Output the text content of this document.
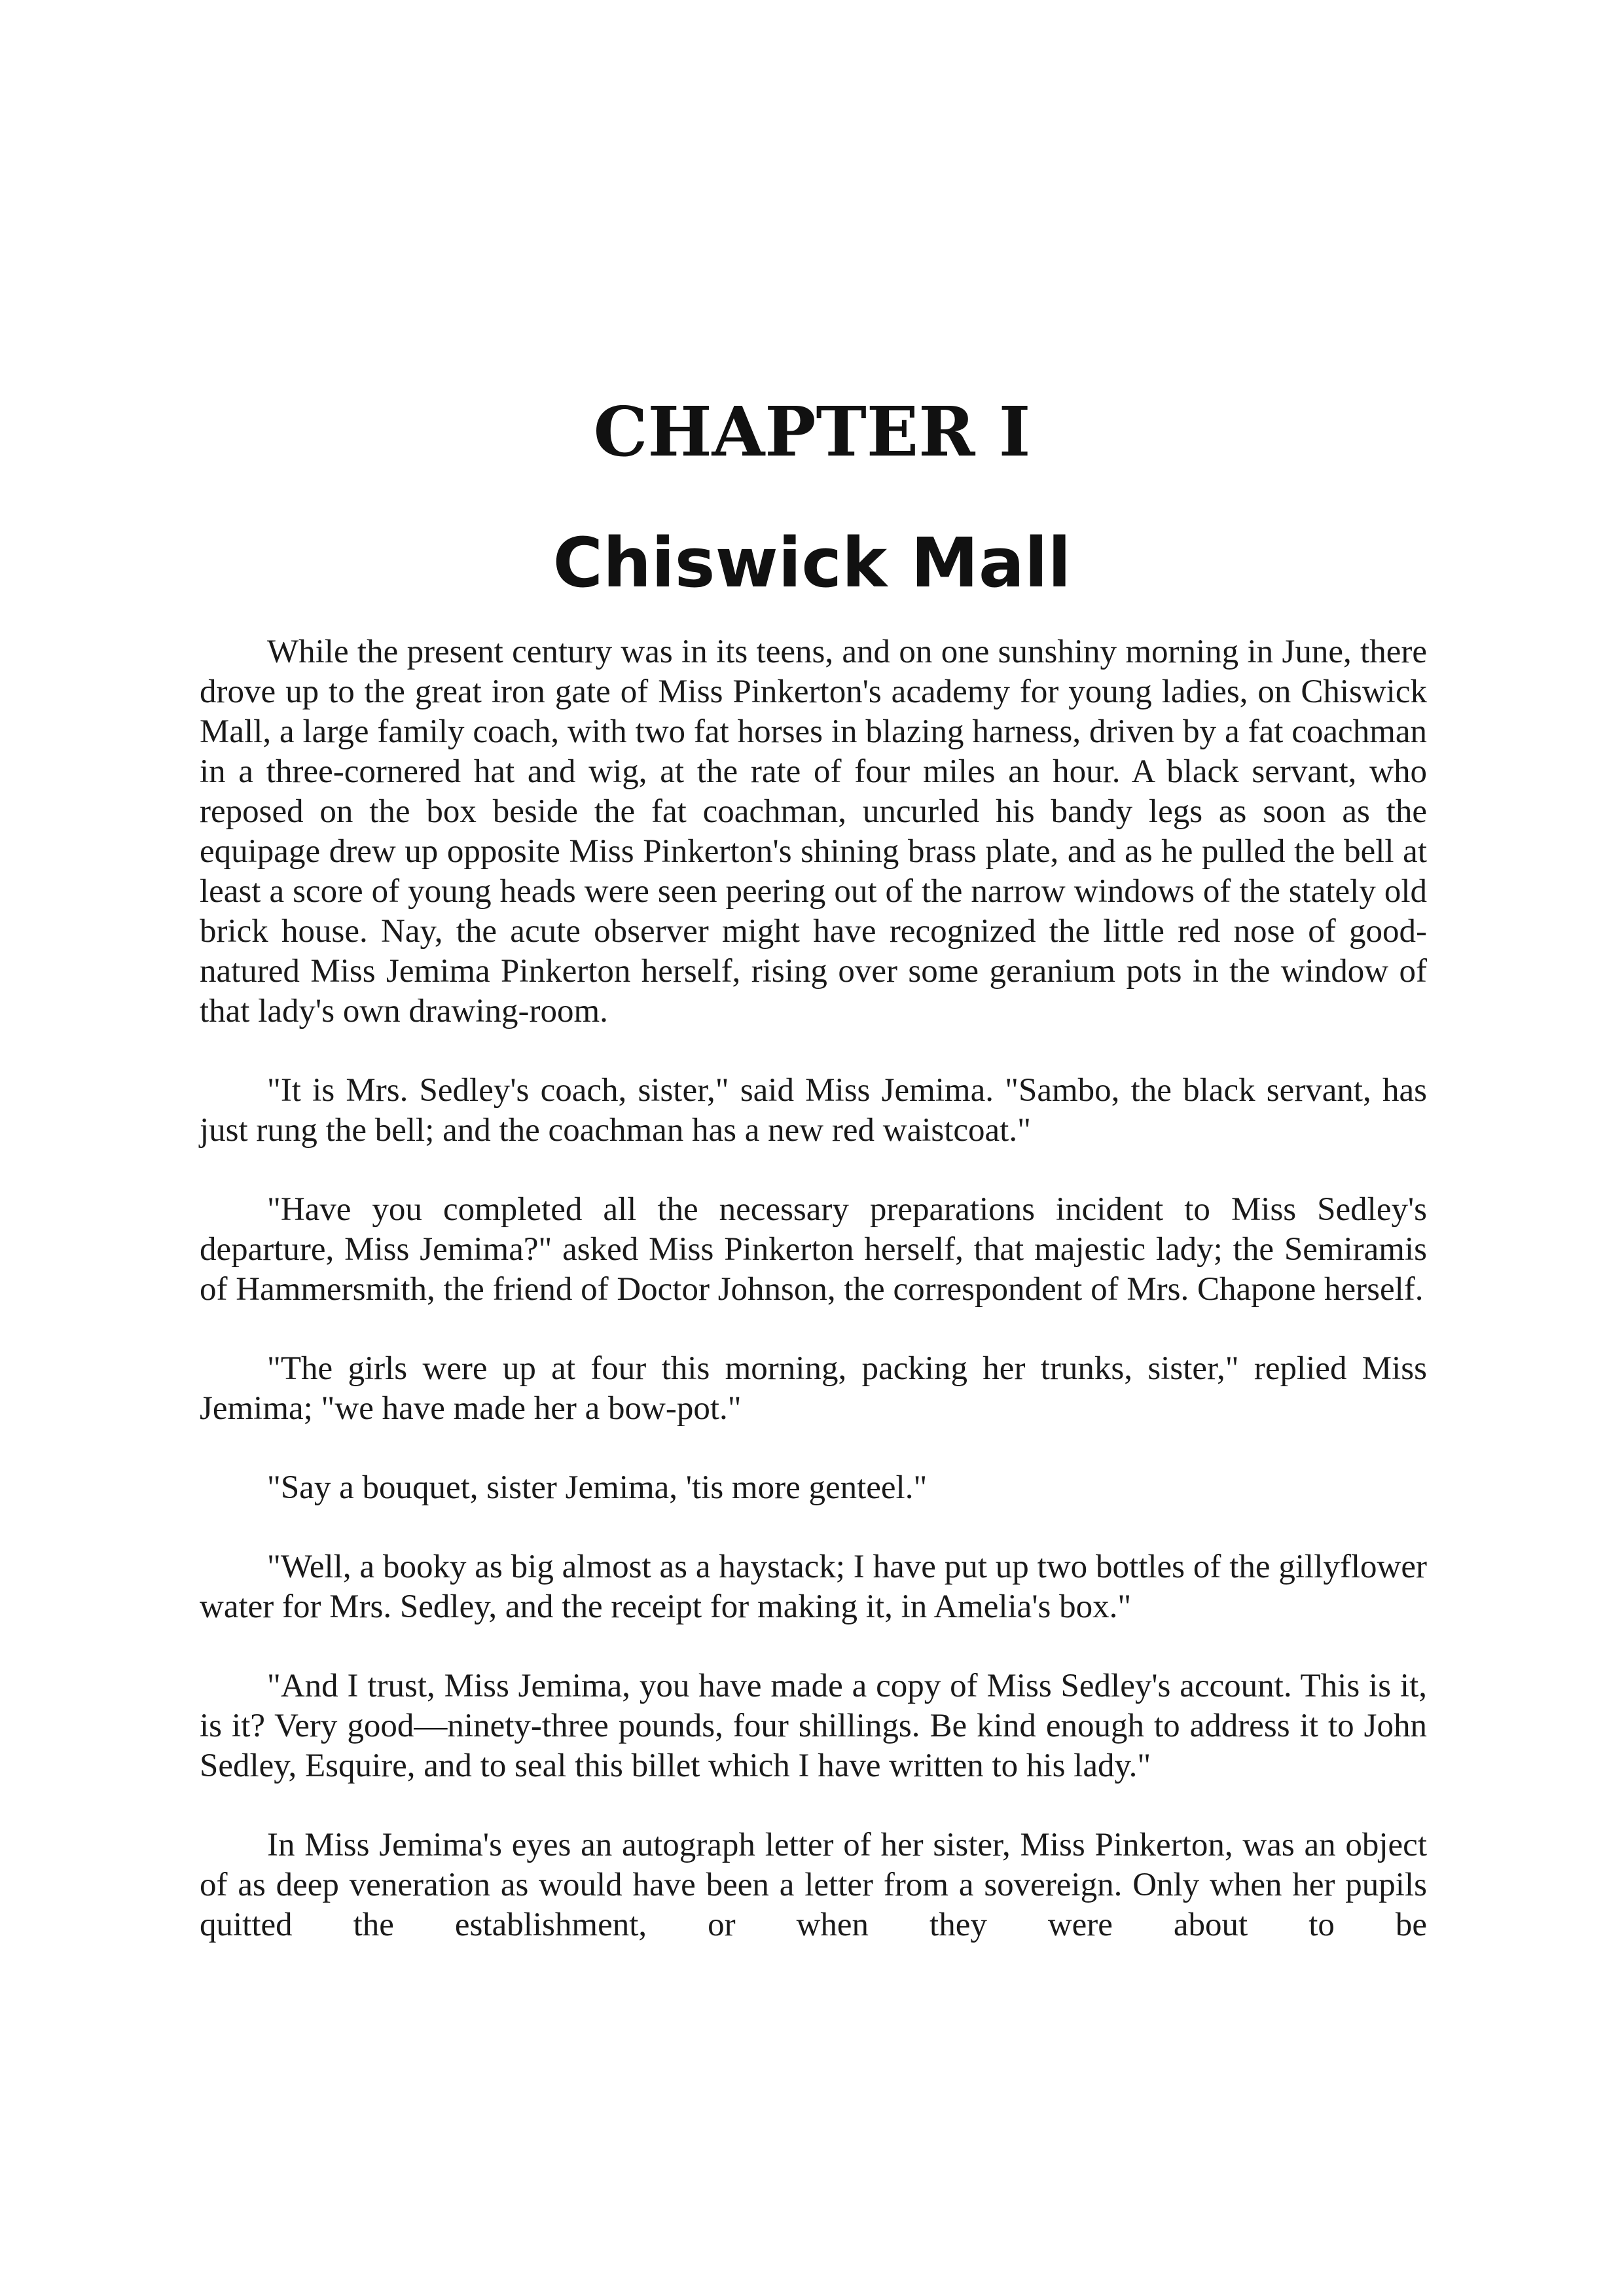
CHAPTER I
Chiswick Mall

While the present century was in its teens, and on one sunshiny morning in June, there drove up to the great iron gate of Miss Pinkerton's academy for young ladies, on Chiswick Mall, a large family coach, with two fat horses in blazing harness, driven by a fat coachman in a three-cornered hat and wig, at the rate of four miles an hour. A black servant, who reposed on the box beside the fat coachman, uncurled his bandy legs as soon as the equipage drew up opposite Miss Pinkerton's shining brass plate, and as he pulled the bell at least a score of young heads were seen peering out of the narrow windows of the stately old brick house. Nay, the acute observer might have recognized the little red nose of good-natured Miss Jemima Pinkerton herself, rising over some geranium pots in the window of that lady's own drawing-room.

"It is Mrs. Sedley's coach, sister," said Miss Jemima. "Sambo, the black servant, has just rung the bell; and the coachman has a new red waistcoat."

"Have you completed all the necessary preparations incident to Miss Sedley's departure, Miss Jemima?" asked Miss Pinkerton herself, that majestic lady; the Semiramis of Hammersmith, the friend of Doctor Johnson, the correspondent of Mrs. Chapone herself.

"The girls were up at four this morning, packing her trunks, sister," replied Miss Jemima; "we have made her a bow-pot."

"Say a bouquet, sister Jemima, 'tis more genteel."

"Well, a booky as big almost as a haystack; I have put up two bottles of the gillyflower water for Mrs. Sedley, and the receipt for making it, in Amelia's box."

"And I trust, Miss Jemima, you have made a copy of Miss Sedley's account. This is it, is it? Very good—ninety-three pounds, four shillings. Be kind enough to address it to John Sedley, Esquire, and to seal this billet which I have written to his lady."

In Miss Jemima's eyes an autograph letter of her sister, Miss Pinkerton, was an object of as deep veneration as would have been a letter from a sovereign. Only when her pupils quitted the establishment, or when they were about to be
